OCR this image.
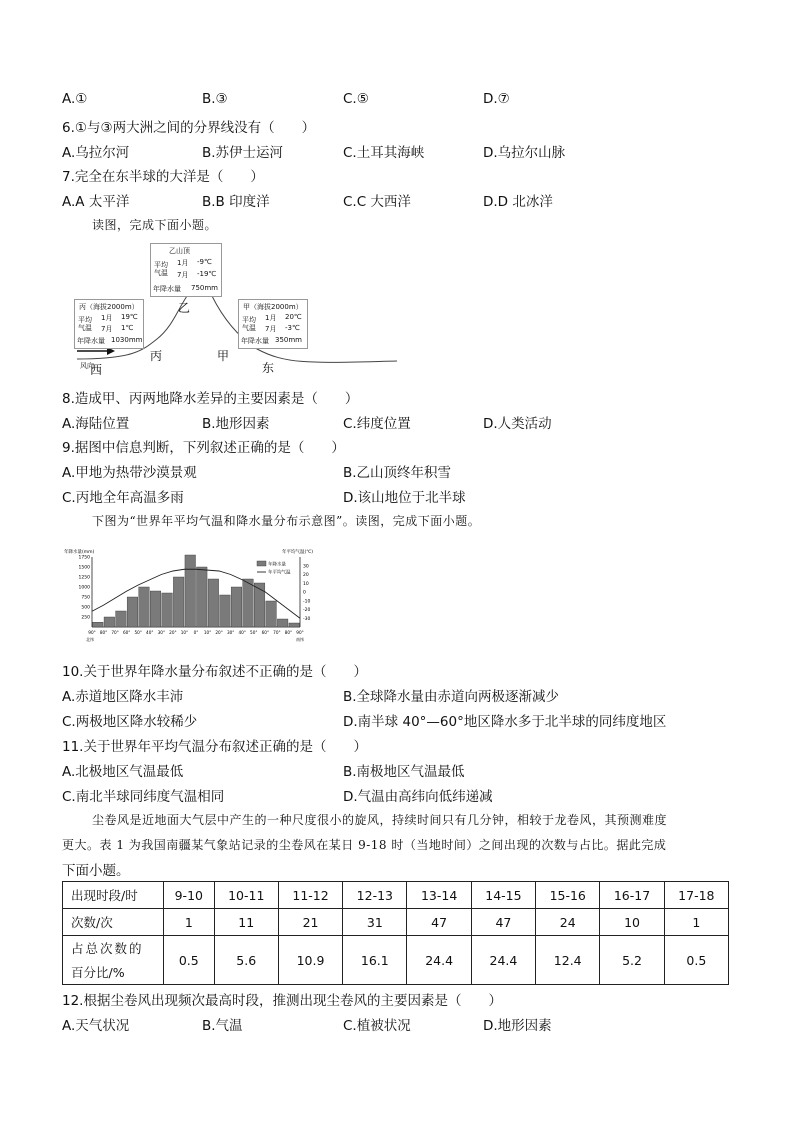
A.①	B.③	C.⑤	D.⑦
6.①与③两大洲之间的分界线没有（　　）
A.乌拉尔河	B.苏伊士运河	C.土耳其海峡	D.乌拉尔山脉
7.完全在东半球的大洋是（　　）
A.A 太平洋	B.B 印度洋	C.C 大西洋	D.D 北冰洋
读图，完成下面小题。
风向
西	东
丙	甲
乙
乙山顶
平均气温
1月 -9℃
7月 -19℃
年降水量 750mm
丙（海拔2000m）
平均气温
1月 19℃
7月 1℃
年降水量 1030mm
甲（海拔2000m）
平均气温
1月 20℃
7月 -3℃
年降水量 350mm
8.造成甲、丙两地降水差异的主要因素是（　　）
A.海陆位置	B.地形因素	C.纬度位置	D.人类活动
9.据图中信息判断，下列叙述正确的是（　　）
A.甲地为热带沙漠景观	B.乙山顶终年积雪
C.丙地全年高温多雨	D.该山地位于北半球
下图为“世界年平均气温和降水量分布示意图”。读图，完成下面小题。
年降水量(mm)	年平均气温(℃)
1750
1500
1250
1000
750
500
250
30
20
10
0
-10
-20
-30
90° 80° 70° 60° 50° 40° 30° 20° 10° 0° 10° 20° 30° 40° 50° 60° 70° 80° 90°
北纬	南纬
年降水量
年平均气温
10.关于世界年降水量分布叙述不正确的是（　　）
A.赤道地区降水丰沛	B.全球降水量由赤道向两极逐渐减少
C.两极地区降水较稀少	D.南半球 40°—60°地区降水多于北半球的同纬度地区
11.关于世界年平均气温分布叙述正确的是（　　）
A.北极地区气温最低	B.南极地区气温最低
C.南北半球同纬度气温相同	D.气温由高纬向低纬递减
尘卷风是近地面大气层中产生的一种尺度很小的旋风，持续时间只有几分钟，相较于龙卷风，其预测难度
更大。表 1 为我国南疆某气象站记录的尘卷风在某日 9-18 时（当地时间）之间出现的次数与占比。据此完成
下面小题。
出现时段/时	9-10	10-11	11-12	12-13	13-14	14-15	15-16	16-17	17-18
次数/次	1	11	21	31	47	47	24	10	1

占总次数的
百分比/%	0.5	5.6	10.9	16.1	24.4	24.4	12.4	5.2	0.5
12.根据尘卷风出现频次最高时段，推测出现尘卷风的主要因素是（　　）
A.天气状况	B.气温	C.植被状况	D.地形因素
